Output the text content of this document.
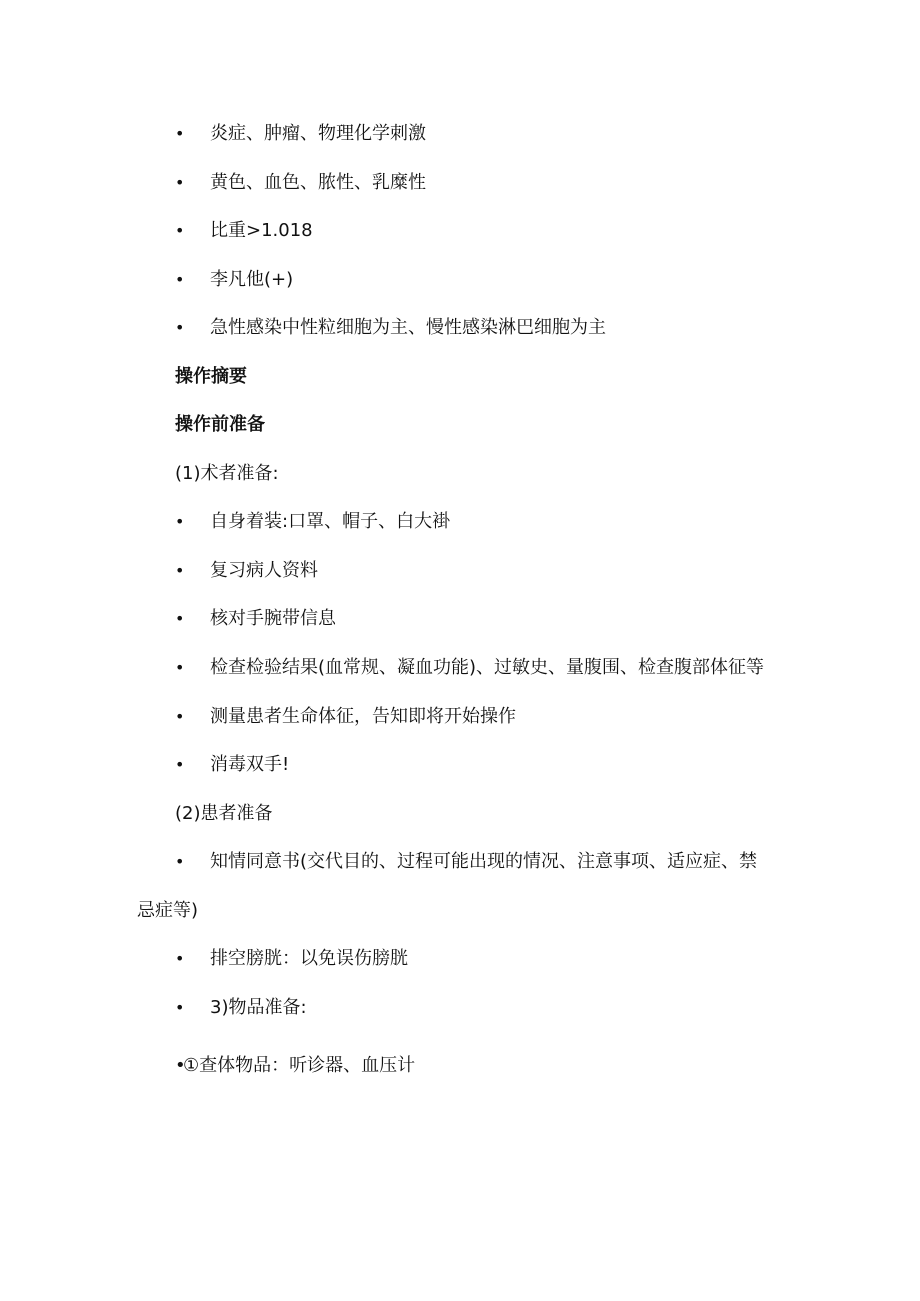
• 炎症、肿瘤、物理化学刺激
• 黄色、血色、脓性、乳糜性
• 比重>1.018
• 李凡他(+)
• 急性感染中性粒细胞为主、慢性感染淋巴细胞为主
操作摘要
操作前准备
(1)术者准备:
• 自身着装:口罩、帽子、白大褂
• 复习病人资料
• 核对手腕带信息
• 检查检验结果(血常规、凝血功能)、过敏史、量腹围、检查腹部体征等
• 测量患者生命体征，告知即将开始操作
• 消毒双手!
(2)患者准备
• 知情同意书(交代目的、过程可能出现的情况、注意事项、适应症、禁
忌症等)
• 排空膀胱：以免误伤膀胱
• 3)物品准备:
•
①查体物品：听诊器、血压计
